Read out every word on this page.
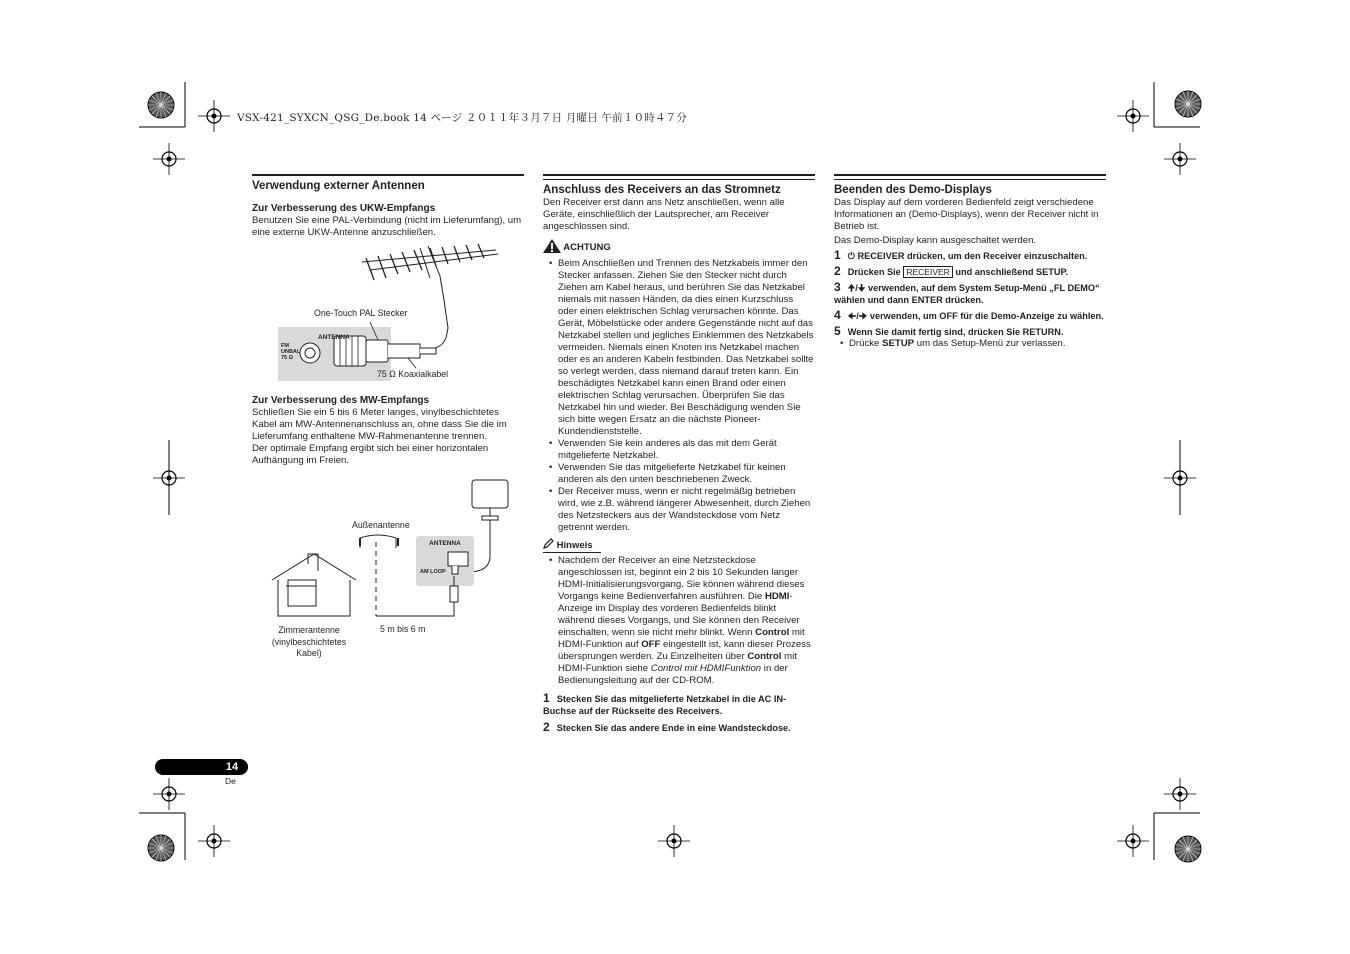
VSX-421_SYXCN_QSG_De.book 14 ページ ２０１１年３月７日 月曜日 午前１０時４７分
Verwendung externer Antennen
Zur Verbesserung des UKW-Empfangs

Benutzen Sie eine PAL-Verbindung (nicht im Lieferumfang), um eine externe UKW-Antenne anzuschließen.

One-Touch PAL Stecker
ANTENNA
FM
UNBAL
75 Ω
75 Ω Koaxialkabel
Zur Verbesserung des MW-Empfangs

Schließen Sie ein 5 bis 6 Meter langes, vinylbeschichtetes Kabel am MW-Antennenanschluss an, ohne dass Sie die im Lieferumfang enthaltene MW-Rahmenantenne trennen.

Der optimale Empfang ergibt sich bei einer horizontalen Aufhängung im Freien.

Außenantenne
ANTENNA
AM LOOP
Zimmerantenne
(vinylbeschichtetes
Kabel)
5 m bis 6 m
Anschluss des Receivers an das Stromnetz

Den Receiver erst dann ans Netz anschließen, wenn alle Geräte, einschließlich der Lautsprecher, am Receiver angeschlossen sind.

ACHTUNG
• Beim Anschließen und Trennen des Netzkabels immer den Stecker anfassen. Ziehen Sie den Stecker nicht durch Ziehen am Kabel heraus, und berühren Sie das Netzkabel niemals mit nassen Händen, da dies einen Kurzschluss oder einen elektrischen Schlag verursachen könnte. Das Gerät, Möbelstücke oder andere Gegenstände nicht auf das Netzkabel stellen und jegliches Einklemmen des Netzkabels vermeiden. Niemals einen Knoten ins Netzkabel machen oder es an anderen Kabeln festbinden. Das Netzkabel sollte so verlegt werden, dass niemand darauf treten kann. Ein beschädigtes Netzkabel kann einen Brand oder einen elektrischen Schlag verursachen. Überprüfen Sie das Netzkabel hin und wieder. Bei Beschädigung wenden Sie sich bitte wegen Ersatz an die nächste Pioneer-Kundendienststelle.
• Verwenden Sie kein anderes als das mit dem Gerät mitgelieferte Netzkabel.
• Verwenden Sie das mitgelieferte Netzkabel für keinen anderen als den unten beschriebenen Zweck.
• Der Receiver muss, wenn er nicht regelmäßig betrieben wird, wie z.B. während längerer Abwesenheit, durch Ziehen des Netzsteckers aus der Wandsteckdose vom Netz getrennt werden.
Hinweis
• Nachdem der Receiver an eine Netzsteckdose angeschlossen ist, beginnt ein 2 bis 10 Sekunden langer HDMI-Initialisierungsvorgang. Sie können während dieses Vorgangs keine Bedienverfahren ausführen. Die HDMI-Anzeige im Display des vorderen Bedienfelds blinkt während dieses Vorgangs, und Sie können den Receiver einschalten, wenn sie nicht mehr blinkt. Wenn Control mit HDMI-Funktion auf OFF eingestellt ist, kann dieser Prozess übersprungen werden. Zu Einzelheiten über Control mit HDMI-Funktion siehe Control mit HDMIFunktion in der Bedienungsleitung auf der CD-ROM.
1 Stecken Sie das mitgelieferte Netzkabel in die AC IN-Buchse auf der Rückseite des Receivers.
2 Stecken Sie das andere Ende in eine Wandsteckdose.
Beenden des Demo-Displays

Das Display auf dem vorderen Bedienfeld zeigt verschiedene Informationen an (Demo-Displays), wenn der Receiver nicht in Betrieb ist.

Das Demo-Display kann ausgeschaltet werden.

1 ⏻ RECEIVER drücken, um den Receiver einzuschalten.
2 Drücken Sie RECEIVER und anschließend SETUP.
3 🠉/🠋 verwenden, auf dem System Setup-Menü „FL DEMO“ wählen und dann ENTER drücken.
4 🠈/🠊 verwenden, um OFF für die Demo-Anzeige zu wählen.
5 Wenn Sie damit fertig sind, drücken Sie RETURN.
• Drücke SETUP um das Setup-Menü zur verlassen.
14
De
